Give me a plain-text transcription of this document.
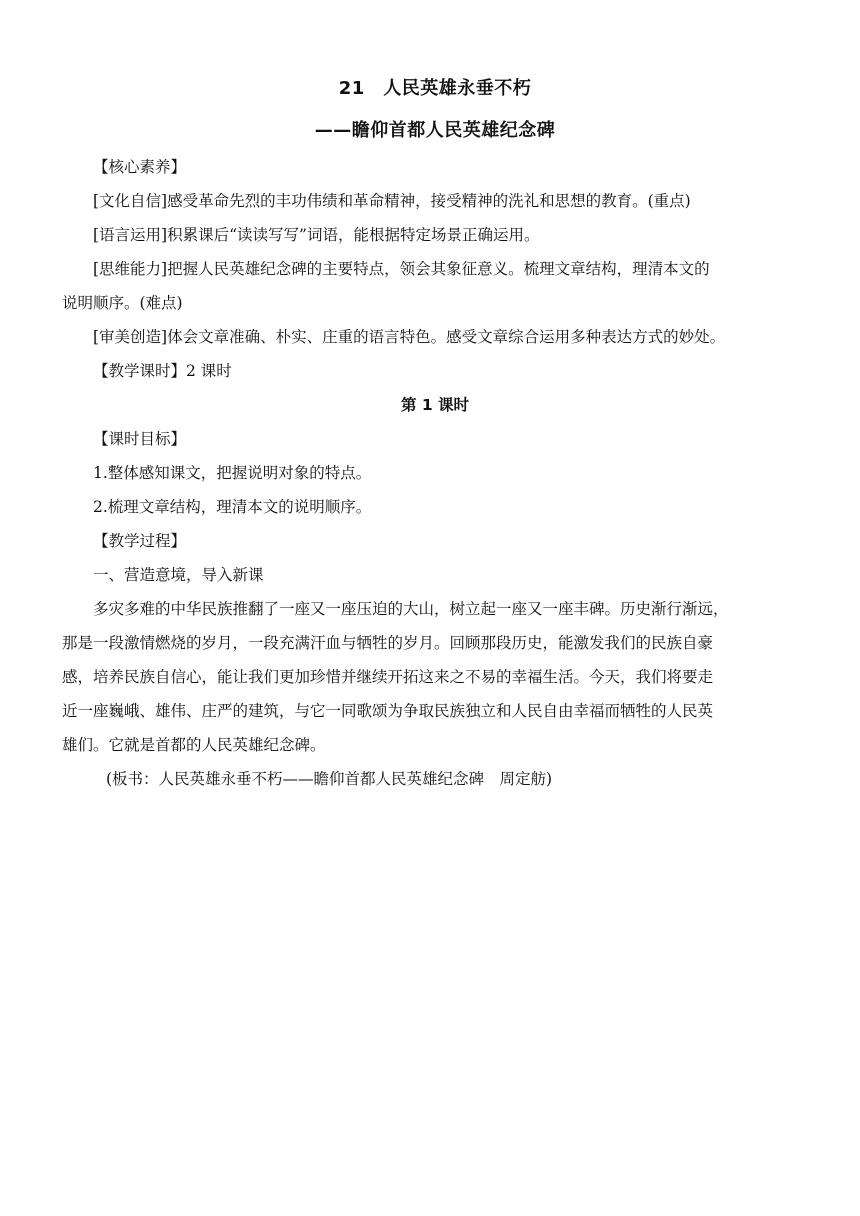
21　人民英雄永垂不朽
——瞻仰首都人民英雄纪念碑

【核心素养】

[文化自信]感受革命先烈的丰功伟绩和革命精神，接受精神的洗礼和思想的教育。(重点)

[语言运用]积累课后“读读写写”词语，能根据特定场景正确运用。

[思维能力]把握人民英雄纪念碑的主要特点，领会其象征意义。梳理文章结构，理清本文的
说明顺序。(难点)

[审美创造]体会文章准确、朴实、庄重的语言特色。感受文章综合运用多种表达方式的妙处。

【教学课时】2 课时

第 1 课时

【课时目标】

1.整体感知课文，把握说明对象的特点。

2.梳理文章结构，理清本文的说明顺序。

【教学过程】

一、营造意境，导入新课

多灾多难的中华民族推翻了一座又一座压迫的大山，树立起一座又一座丰碑。历史渐行渐远，
那是一段激情燃烧的岁月，一段充满汗血与牺牲的岁月。回顾那段历史，能激发我们的民族自豪
感，培养民族自信心，能让我们更加珍惜并继续开拓这来之不易的幸福生活。今天，我们将要走
近一座巍峨、雄伟、庄严的建筑，与它一同歌颂为争取民族独立和人民自由幸福而牺牲的人民英
雄们。它就是首都的人民英雄纪念碑。

(板书：人民英雄永垂不朽——瞻仰首都人民英雄纪念碑　周定舫)
